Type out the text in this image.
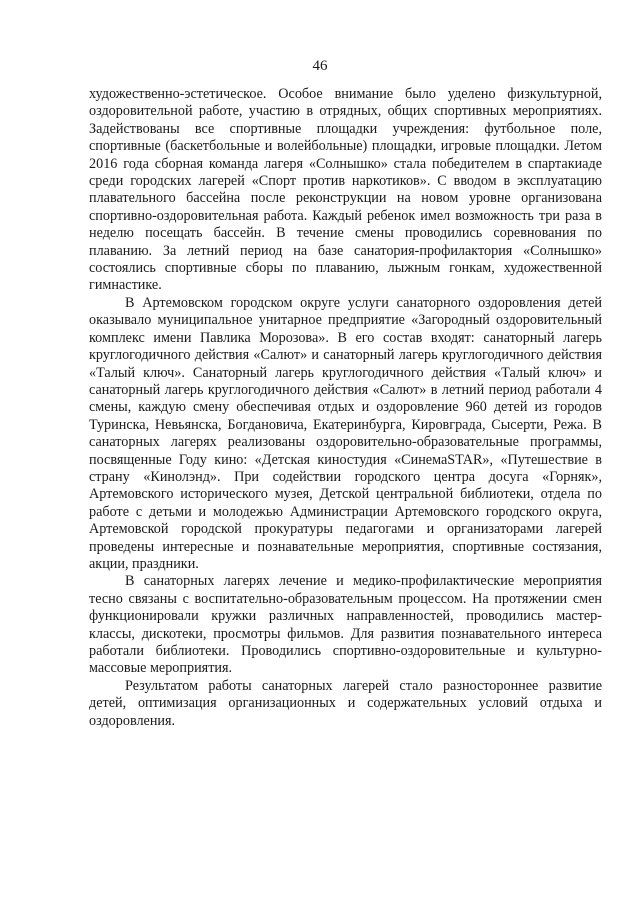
46

художественно-эстетическое. Особое внимание было уделено физкультурной, оздоровительной работе, участию в отрядных, общих спортивных мероприятиях. Задействованы все спортивные площадки учреждения: футбольное поле, спортивные (баскетбольные и волейбольные) площадки, игровые площадки. Летом 2016 года сборная команда лагеря «Солнышко» стала победителем в спартакиаде среди городских лагерей «Спорт против наркотиков». С вводом в эксплуатацию плавательного бассейна после реконструкции на новом уровне организована спортивно-оздоровительная работа. Каждый ребенок имел возможность три раза в неделю посещать бассейн. В течение смены проводились соревнования по плаванию. За летний период на базе санатория-профилактория «Солнышко» состоялись спортивные сборы по плаванию, лыжным гонкам, художественной гимнастике.

В Артемовском городском округе услуги санаторного оздоровления детей оказывало муниципальное унитарное предприятие «Загородный оздоровительный комплекс имени Павлика Морозова». В его состав входят: санаторный лагерь круглогодичного действия «Салют» и санаторный лагерь круглогодичного действия «Талый ключ». Санаторный лагерь круглогодичного действия «Талый ключ» и санаторный лагерь круглогодичного действия «Салют» в летний период работали 4 смены, каждую смену обеспечивая отдых и оздоровление 960 детей из городов Туринска, Невьянска, Богдановича, Екатеринбурга, Кировграда, Сысерти, Режа. В санаторных лагерях реализованы оздоровительно-образовательные программы, посвященные Году кино: «Детская киностудия «СинемаSTAR», «Путешествие в страну «Кинолэнд». При содействии городского центра досуга «Горняк», Артемовского исторического музея, Детской центральной библиотеки, отдела по работе с детьми и молодежью Администрации Артемовского городского округа, Артемовской городской прокуратуры педагогами и организаторами лагерей проведены интересные и познавательные мероприятия, спортивные состязания, акции, праздники.

В санаторных лагерях лечение и медико-профилактические мероприятия тесно связаны с воспитательно-образовательным процессом. На протяжении смен функционировали кружки различных направленностей, проводились мастер-классы, дискотеки, просмотры фильмов. Для развития познавательного интереса работали библиотеки. Проводились спортивно-оздоровительные и культурно-массовые мероприятия.

Результатом работы санаторных лагерей стало разностороннее развитие детей, оптимизация организационных и содержательных условий отдыха и оздоровления.
